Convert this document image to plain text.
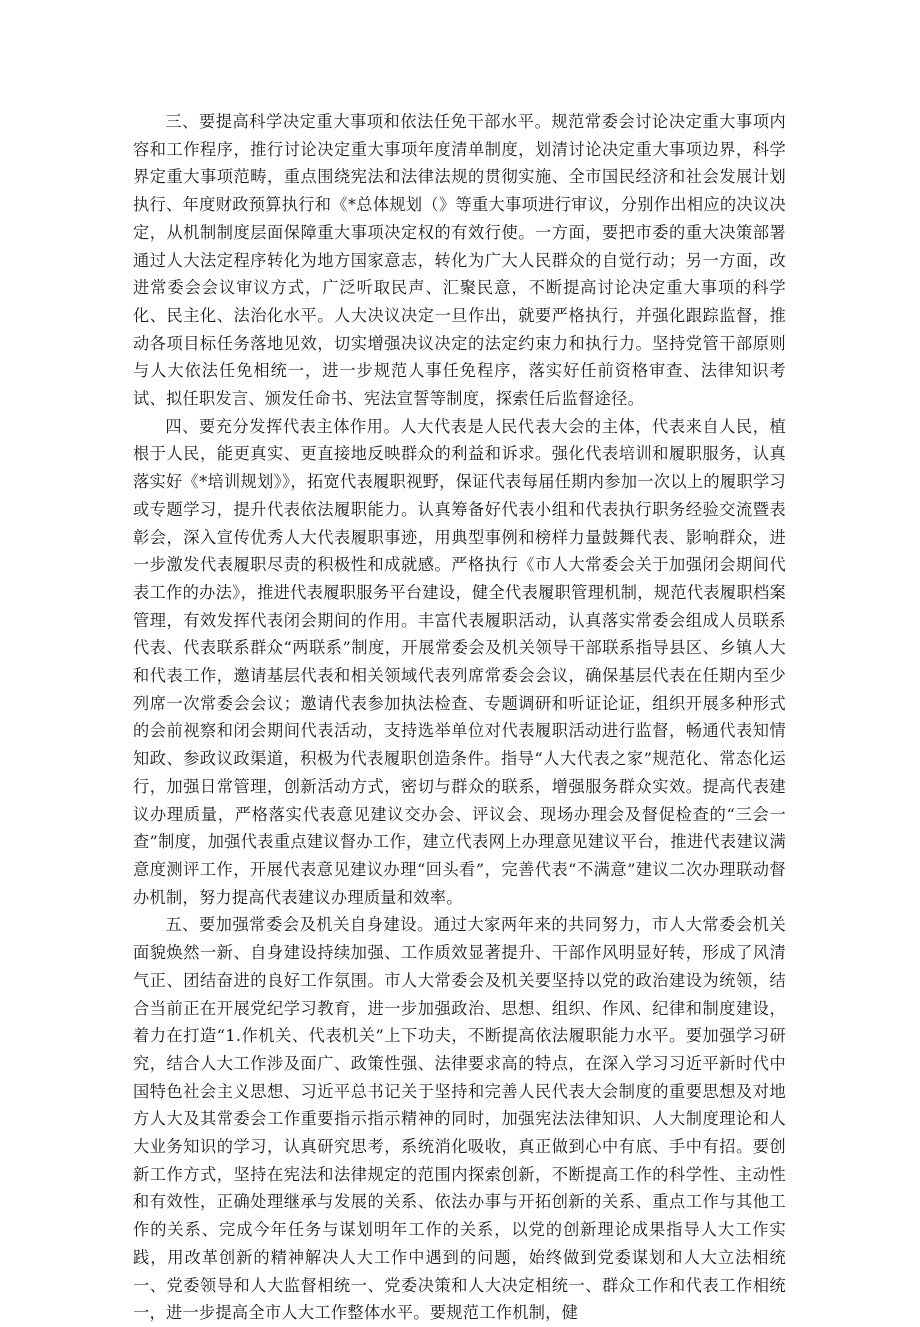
三、要提高科学决定重大事项和依法任免干部水平。规范常委会讨论决定重大事项内容和工作程序，推行讨论决定重大事项年度清单制度，划清讨论决定重大事项边界，科学界定重大事项范畴，重点围绕宪法和法律法规的贯彻实施、全市国民经济和社会发展计划执行、年度财政预算执行和《*总体规划（》等重大事项进行审议，分别作出相应的决议决定，从机制制度层面保障重大事项决定权的有效行使。一方面，要把市委的重大决策部署通过人大法定程序转化为地方国家意志，转化为广大人民群众的自觉行动；另一方面，改进常委会会议审议方式，广泛听取民声、汇聚民意，不断提高讨论决定重大事项的科学化、民主化、法治化水平。人大决议决定一旦作出，就要严格执行，并强化跟踪监督，推动各项目标任务落地见效，切实增强决议决定的法定约束力和执行力。坚持党管干部原则与人大依法任免相统一，进一步规范人事任免程序，落实好任前资格审查、法律知识考试、拟任职发言、颁发任命书、宪法宣誓等制度，探索任后监督途径。

四、要充分发挥代表主体作用。人大代表是人民代表大会的主体，代表来自人民，植根于人民，能更真实、更直接地反映群众的利益和诉求。强化代表培训和履职服务，认真落实好《*培训规划》》，拓宽代表履职视野，保证代表每届任期内参加一次以上的履职学习或专题学习，提升代表依法履职能力。认真筹备好代表小组和代表执行职务经验交流暨表彰会，深入宣传优秀人大代表履职事迹，用典型事例和榜样力量鼓舞代表、影响群众，进一步激发代表履职尽责的积极性和成就感。严格执行《市人大常委会关于加强闭会期间代表工作的办法》，推进代表履职服务平台建设，健全代表履职管理机制，规范代表履职档案管理，有效发挥代表闭会期间的作用。丰富代表履职活动，认真落实常委会组成人员联系代表、代表联系群众“两联系”制度，开展常委会及机关领导干部联系指导县区、乡镇人大和代表工作，邀请基层代表和相关领域代表列席常委会会议，确保基层代表在任期内至少列席一次常委会会议；邀请代表参加执法检查、专题调研和听证论证，组织开展多种形式的会前视察和闭会期间代表活动，支持选举单位对代表履职活动进行监督，畅通代表知情知政、参政议政渠道，积极为代表履职创造条件。指导“人大代表之家”规范化、常态化运行，加强日常管理，创新活动方式，密切与群众的联系，增强服务群众实效。提高代表建议办理质量，严格落实代表意见建议交办会、评议会、现场办理会及督促检查的“三会一查”制度，加强代表重点建议督办工作，建立代表网上办理意见建议平台，推进代表建议满意度测评工作，开展代表意见建议办理“回头看”，完善代表“不满意”建议二次办理联动督办机制，努力提高代表建议办理质量和效率。

五、要加强常委会及机关自身建设。通过大家两年来的共同努力，市人大常委会机关面貌焕然一新、自身建设持续加强、工作质效显著提升、干部作风明显好转，形成了风清气正、团结奋进的良好工作氛围。市人大常委会及机关要坚持以党的政治建设为统领，结合当前正在开展党纪学习教育，进一步加强政治、思想、组织、作风、纪律和制度建设，着力在打造“1.作机关、代表机关”上下功夫，不断提高依法履职能力水平。要加强学习研究，结合人大工作涉及面广、政策性强、法律要求高的特点，在深入学习习近平新时代中国特色社会主义思想、习近平总书记关于坚持和完善人民代表大会制度的重要思想及对地方人大及其常委会工作重要指示指示精神的同时，加强宪法法律知识、人大制度理论和人大业务知识的学习，认真研究思考，系统消化吸收，真正做到心中有底、手中有招。要创新工作方式，坚持在宪法和法律规定的范围内探索创新，不断提高工作的科学性、主动性和有效性，正确处理继承与发展的关系、依法办事与开拓创新的关系、重点工作与其他工作的关系、完成今年任务与谋划明年工作的关系，以党的创新理论成果指导人大工作实践，用改革创新的精神解决人大工作中遇到的问题，始终做到党委谋划和人大立法相统一、党委领导和人大监督相统一、党委决策和人大决定相统一、群众工作和代表工作相统一，进一步提高全市人大工作整体水平。要规范工作机制，健
